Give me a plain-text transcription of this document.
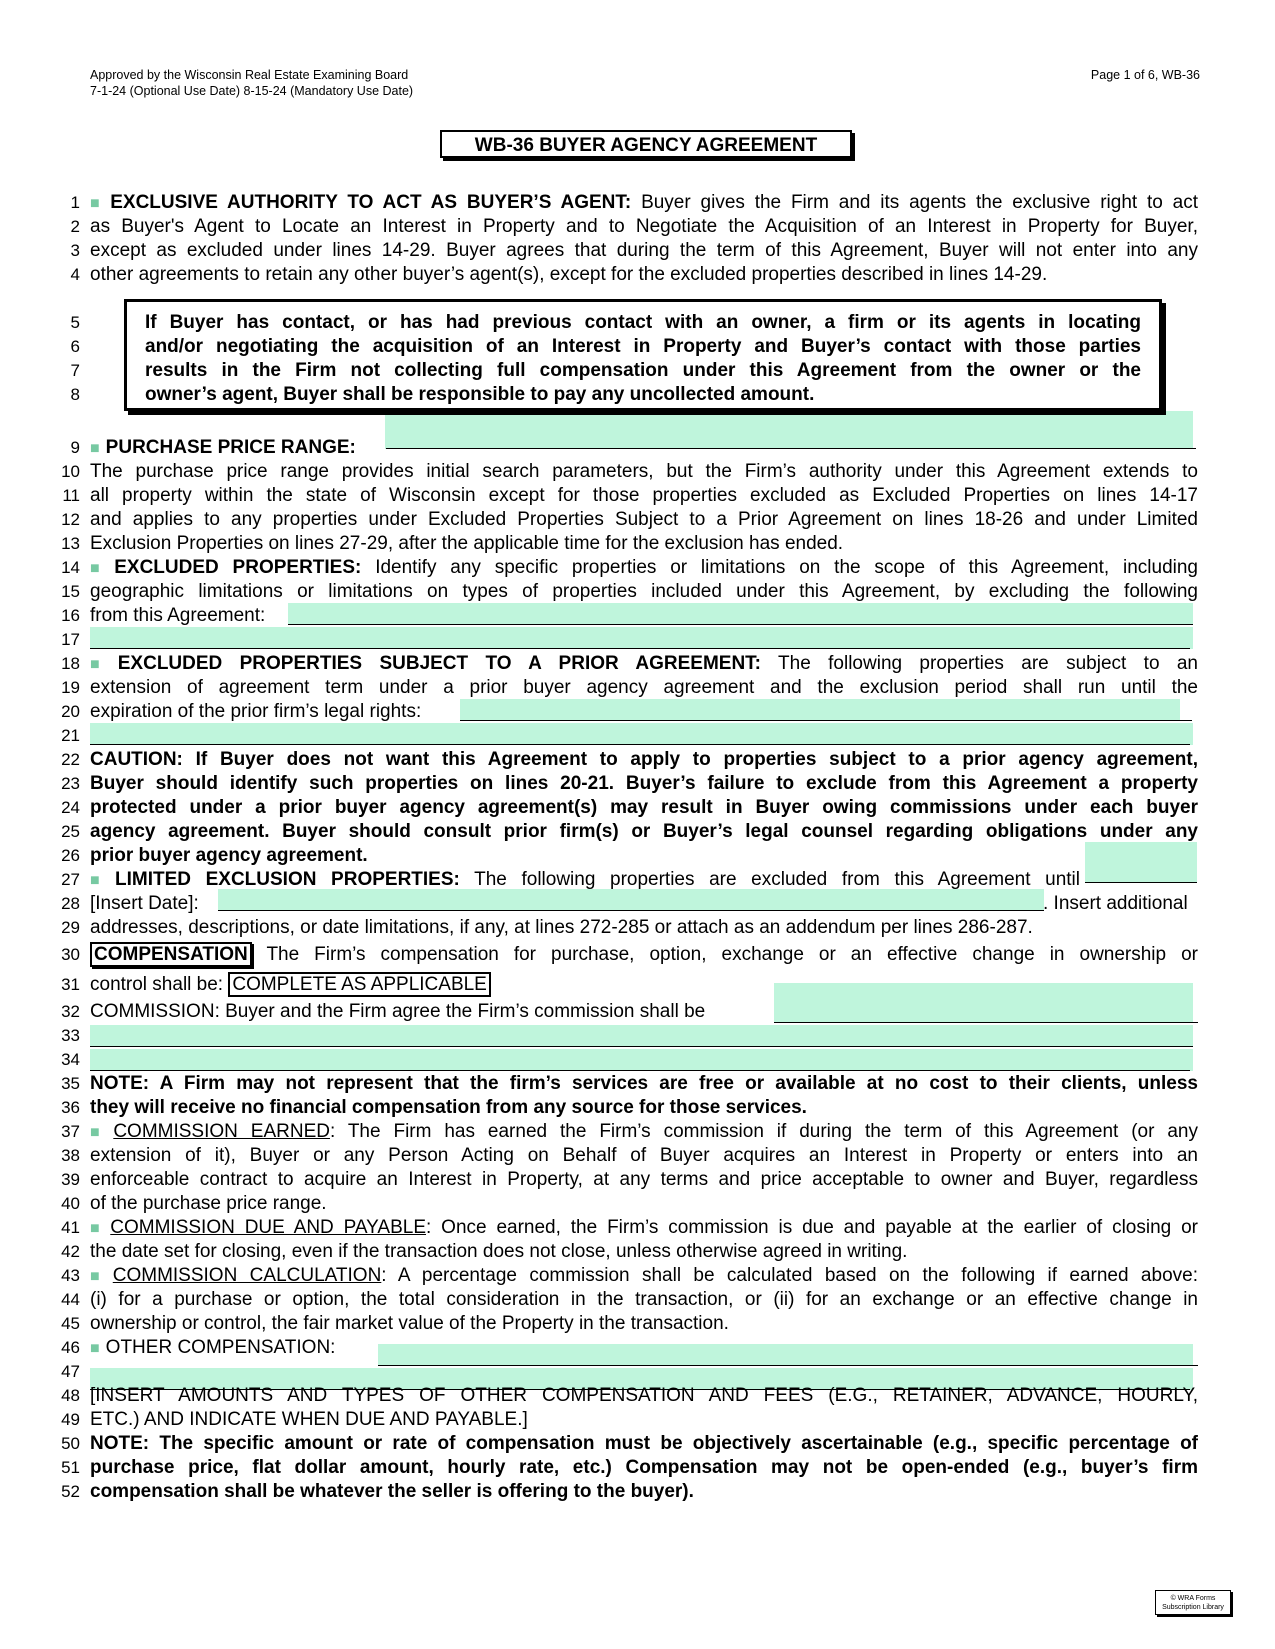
Approved by the Wisconsin Real Estate Examining Board
7-1-24 (Optional Use Date) 8-15-24 (Mandatory Use Date)
Page 1 of 6, WB-36
WB-36 BUYER AGENCY AGREEMENT
1
2
3
4
5
6
7
8
9
10
11
12
13
14
15
16
17
18
19
20
21
22
23
24
25
26
27
28
29
30
31
32
33
34
35
36
37
38
39
40
41
42
43
44
45
46
47
48
49
50
51
52
■ EXCLUSIVE AUTHORITY TO ACT AS BUYER’S AGENT: Buyer gives the Firm and its agents the exclusive right to act
as Buyer's Agent to Locate an Interest in Property and to Negotiate the Acquisition of an Interest in Property for Buyer,
except as excluded under lines 14-29. Buyer agrees that during the term of this Agreement, Buyer will not enter into any
other agreements to retain any other buyer’s agent(s), except for the excluded properties described in lines 14-29.
If Buyer has contact, or has had previous contact with an owner, a firm or its agents in locating
and/or negotiating the acquisition of an Interest in Property and Buyer’s contact with those parties
results in the Firm not collecting full compensation under this Agreement from the owner or the
owner’s agent, Buyer shall be responsible to pay any uncollected amount.
■ PURCHASE PRICE RANGE:
The purchase price range provides initial search parameters, but the Firm’s authority under this Agreement extends to
all property within the state of Wisconsin except for those properties excluded as Excluded Properties on lines 14-17
and applies to any properties under Excluded Properties Subject to a Prior Agreement on lines 18-26 and under Limited
Exclusion Properties on lines 27-29, after the applicable time for the exclusion has ended.
■ EXCLUDED PROPERTIES: Identify any specific properties or limitations on the scope of this Agreement, including
geographic limitations or limitations on types of properties included under this Agreement, by excluding the following
from this Agreement:
■ EXCLUDED PROPERTIES SUBJECT TO A PRIOR AGREEMENT: The following properties are subject to an
extension of agreement term under a prior buyer agency agreement and the exclusion period shall run until the
expiration of the prior firm’s legal rights:
CAUTION: If Buyer does not want this Agreement to apply to properties subject to a prior agency agreement,
Buyer should identify such properties on lines 20-21. Buyer’s failure to exclude from this Agreement a property
protected under a prior buyer agency agreement(s) may result in Buyer owing commissions under each buyer
agency agreement. Buyer should consult prior firm(s) or Buyer’s legal counsel regarding obligations under any
prior buyer agency agreement.
■ LIMITED EXCLUSION PROPERTIES: The following properties are excluded from this Agreement until
[Insert Date]:	. Insert additional
addresses, descriptions, or date limitations, if any, at lines 272-285 or attach as an addendum per lines 286-287.
COMPENSATION The Firm’s compensation for purchase, option, exchange or an effective change in ownership or
control shall be: COMPLETE AS APPLICABLE
COMMISSION: Buyer and the Firm agree the Firm’s commission shall be
NOTE: A Firm may not represent that the firm’s services are free or available at no cost to their clients, unless
they will receive no financial compensation from any source for those services.
■ COMMISSION EARNED: The Firm has earned the Firm’s commission if during the term of this Agreement (or any
extension of it), Buyer or any Person Acting on Behalf of Buyer acquires an Interest in Property or enters into an
enforceable contract to acquire an Interest in Property, at any terms and price acceptable to owner and Buyer, regardless
of the purchase price range.
■ COMMISSION DUE AND PAYABLE: Once earned, the Firm’s commission is due and payable at the earlier of closing or
the date set for closing, even if the transaction does not close, unless otherwise agreed in writing.
■ COMMISSION CALCULATION: A percentage commission shall be calculated based on the following if earned above:
(i) for a purchase or option, the total consideration in the transaction, or (ii) for an exchange or an effective change in
ownership or control, the fair market value of the Property in the transaction.
■ OTHER COMPENSATION:
[INSERT AMOUNTS AND TYPES OF OTHER COMPENSATION AND FEES (E.G., RETAINER, ADVANCE, HOURLY,
ETC.) AND INDICATE WHEN DUE AND PAYABLE.]
NOTE: The specific amount or rate of compensation must be objectively ascertainable (e.g., specific percentage of
purchase price, flat dollar amount, hourly rate, etc.) Compensation may not be open-ended (e.g., buyer’s firm
compensation shall be whatever the seller is offering to the buyer).
© WRA Forms
Subscription Library
